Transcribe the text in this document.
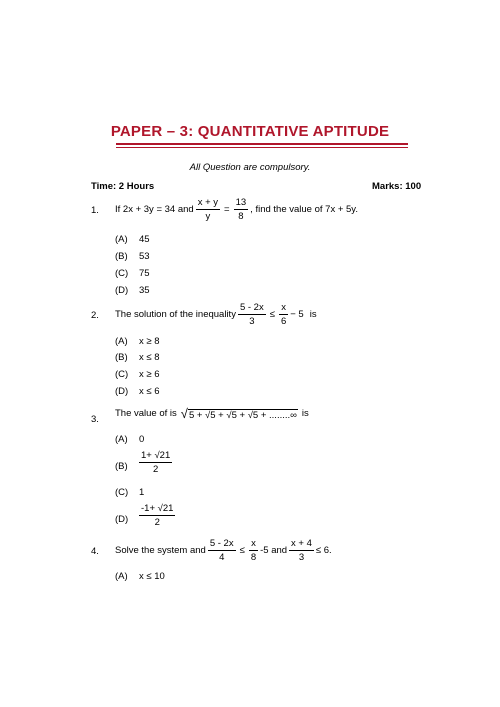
PAPER – 3: QUANTITATIVE APTITUDE
All Question are compulsory.
Time: 2 Hours	Marks: 100
1. If 2x + 3y = 34 and $\frac{x + y}{y} = \frac{13}{8}$ , find the value of 7x + 5y.
(A) 45
(B) 53
(C) 75
(D) 35
2. The solution of the inequality $\frac{5 - 2x}{3} \le \frac{x}{6} - 5$ is
(A) x ≥ 8
(B) x ≤ 8
(C) x ≥ 6
(D) x ≤ 6
3.
The value of is √5 + √5 + √5 + √5 + ........∞ is
(A) 0
$(B) \frac{1+ √21}{2}$
(C) 1
$(D) \frac{-1+ √21}{2}$
4. Solve the system and $\frac{5 - 2x}{4} \le \frac{x}{8} -5$ and $\frac{x + 4}{3} \le 6$.
(A) x ≤ 10
